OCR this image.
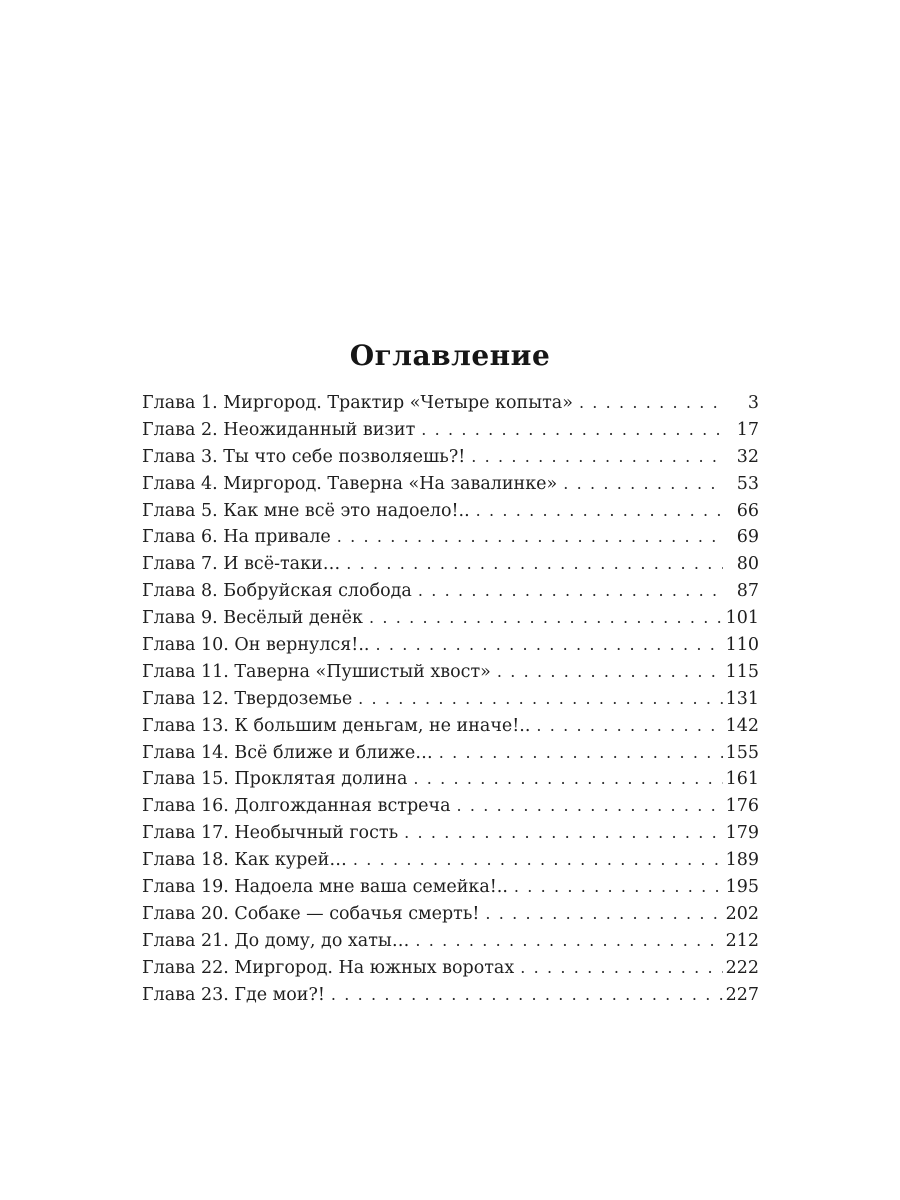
Оглавление
Глава 1. Миргород. Трактир «Четыре копыта» . . .	3
Глава 2. Неожиданный визит . . .	17
Глава 3. Ты что себе позволяешь?! . . .	32
Глава 4. Миргород. Таверна «На завалинке» . . .	53
Глава 5. Как мне всё это надоело!.. . . .	66
Глава 6. На привале . . .	69
Глава 7. И всё-таки… . . .	80
Глава 8. Бобруйская слобода . . .	87
Глава 9. Весёлый денёк . . .	101
Глава 10. Он вернулся!.. . . .	110
Глава 11. Таверна «Пушистый хвост» . . .	115
Глава 12. Твердоземье . . .	131
Глава 13. К большим деньгам, не иначе!.. . . .	142
Глава 14. Всё ближе и ближе… . . .	155
Глава 15. Проклятая долина . . .	161
Глава 16. Долгожданная встреча . . .	176
Глава 17. Необычный гость . . .	179
Глава 18. Как курей… . . .	189
Глава 19. Надоела мне ваша семейка!.. . . .	195
Глава 20. Собаке — собачья смерть! . . .	202
Глава 21. До дому, до хаты… . . .	212
Глава 22. Миргород. На южных воротах . . .	222
Глава 23. Где мои?! . . .	227
